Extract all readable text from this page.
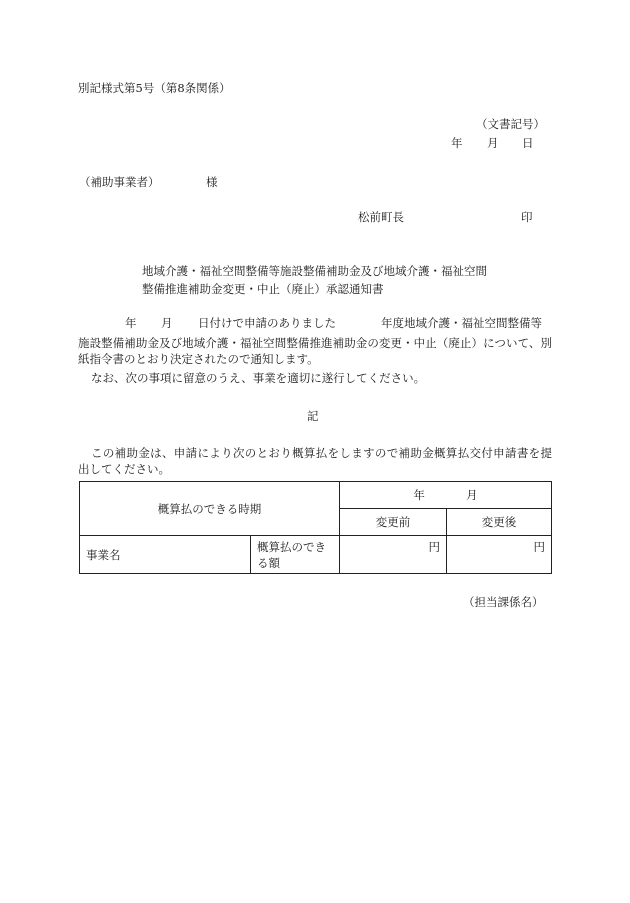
別記様式第5号（第8条関係）
（文書記号）
年 月 日
（補助事業者）	様
松前町長	印
地域介護・福祉空間整備等施設整備補助金及び地域介護・福祉空間
整備推進補助金変更・中止（廃止）承認通知書
年 月 日付けで申請のありました	年度地域介護・福祉空間整備等
施設整備補助金及び地域介護・福祉空間整備推進補助金の変更・中止（廃止）について、別
紙指令書のとおり決定されたので通知します。
なお、次の事項に留意のうえ、事業を適切に遂行してください。
記
この補助金は、申請により次のとおり概算払をしますので補助金概算払交付申請書を提
出してください。
概算払のできる時期		年 月	
		変更前	変更後
事業名	概算払のできる額	円	円
（担当課係名）
